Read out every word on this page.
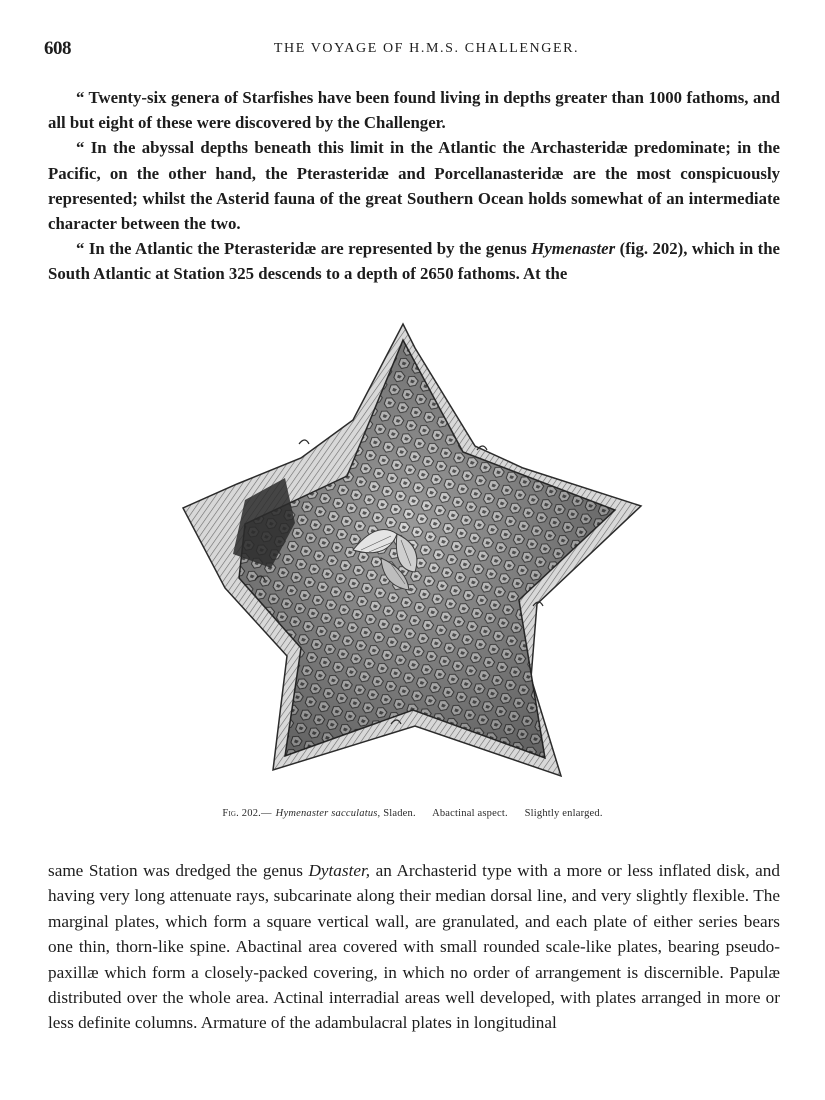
608	THE VOYAGE OF H.M.S. CHALLENGER.

“ Twenty-six genera of Starfishes have been found living in depths greater than 1000 fathoms, and all but eight of these were discovered by the Challenger.

“ In the abyssal depths beneath this limit in the Atlantic the Archasteridæ predominate; in the Pacific, on the other hand, the Pterasteridæ and Porcellanasteridæ are the most conspicuously represented; whilst the Asterid fauna of the great Southern Ocean holds somewhat of an intermediate character between the two.

“ In the Atlantic the Pterasteridæ are represented by the genus Hymenaster (fig. 202), which in the South Atlantic at Station 325 descends to a depth of 2650 fathoms. At the

Fig. 202.— Hymenaster sacculatus, Sladen. Abactinal aspect. Slightly enlarged.

same Station was dredged the genus Dytaster, an Archasterid type with a more or less inflated disk, and having very long attenuate rays, subcarinate along their median dorsal line, and very slightly flexible. The marginal plates, which form a square vertical wall, are granulated, and each plate of either series bears one thin, thorn-like spine. Abactinal area covered with small rounded scale-like plates, bearing pseudo-paxillæ which form a closely-packed covering, in which no order of arrangement is discernible. Papulæ distributed over the whole area. Actinal interradial areas well developed, with plates arranged in more or less definite columns. Armature of the adambulacral plates in longitudinal
